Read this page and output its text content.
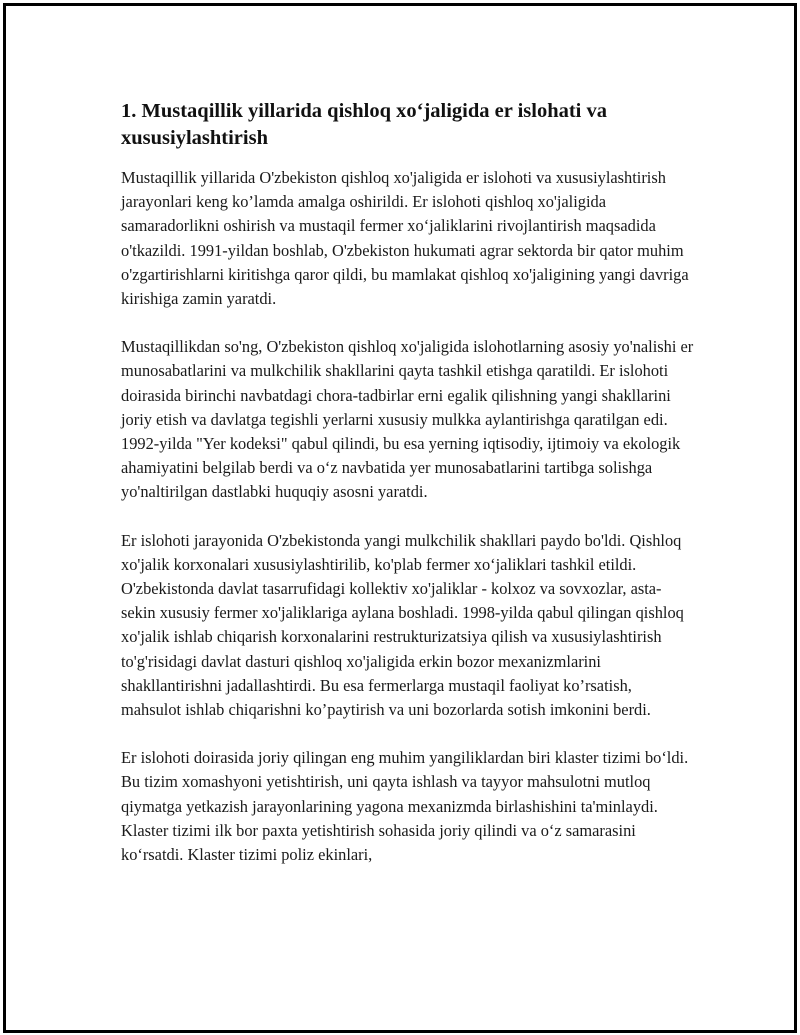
1. Mustaqillik yillarida qishloq xo‘jaligida er islohati va xususiylashtirish

Mustaqillik yillarida O'zbekiston qishloq xo'jaligida er islohoti va xususiylashtirish jarayonlari keng ko’lamda amalga oshirildi. Er islohoti qishloq xo'jaligida samaradorlikni oshirish va mustaqil fermer xo‘jaliklarini rivojlantirish maqsadida o'tkazildi. 1991-yildan boshlab, O'zbekiston hukumati agrar sektorda bir qator muhim o'zgartirishlarni kiritishga qaror qildi, bu mamlakat qishloq xo'jaligining yangi davriga kirishiga zamin yaratdi.

Mustaqillikdan so'ng, O'zbekiston qishloq xo'jaligida islohotlarning asosiy yo'nalishi er munosabatlarini va mulkchilik shakllarini qayta tashkil etishga qaratildi. Er islohoti doirasida birinchi navbatdagi chora-tadbirlar erni egalik qilishning yangi shakllarini joriy etish va davlatga tegishli yerlarni xususiy mulkka aylantirishga qaratilgan edi. 1992-yilda "Yer kodeksi" qabul qilindi, bu esa yerning iqtisodiy, ijtimoiy va ekologik ahamiyatini belgilab berdi va o‘z navbatida yer munosabatlarini tartibga solishga yo'naltirilgan dastlabki huquqiy asosni yaratdi.

Er islohoti jarayonida O'zbekistonda yangi mulkchilik shakllari paydo bo'ldi. Qishloq xo'jalik korxonalari xususiylashtirilib, ko'plab fermer xo‘jaliklari tashkil etildi. O'zbekistonda davlat tasarrufidagi kollektiv xo'jaliklar - kolxoz va sovxozlar, asta-sekin xususiy fermer xo'jaliklariga aylana boshladi. 1998-yilda qabul qilingan qishloq xo'jalik ishlab chiqarish korxonalarini restrukturizatsiya qilish va xususiylashtirish to'g'risidagi davlat dasturi qishloq xo'jaligida erkin bozor mexanizmlarini shakllantirishni jadallashtirdi. Bu esa fermerlarga mustaqil faoliyat ko’rsatish, mahsulot ishlab chiqarishni ko’paytirish va uni bozorlarda sotish imkonini berdi.

Er islohoti doirasida joriy qilingan eng muhim yangiliklardan biri klaster tizimi bo‘ldi. Bu tizim xomashyoni yetishtirish, uni qayta ishlash va tayyor mahsulotni mutloq qiymatga yetkazish jarayonlarining yagona mexanizmda birlashishini ta'minlaydi. Klaster tizimi ilk bor paxta yetishtirish sohasida joriy qilindi va o‘z samarasini ko‘rsatdi. Klaster tizimi poliz ekinlari,
